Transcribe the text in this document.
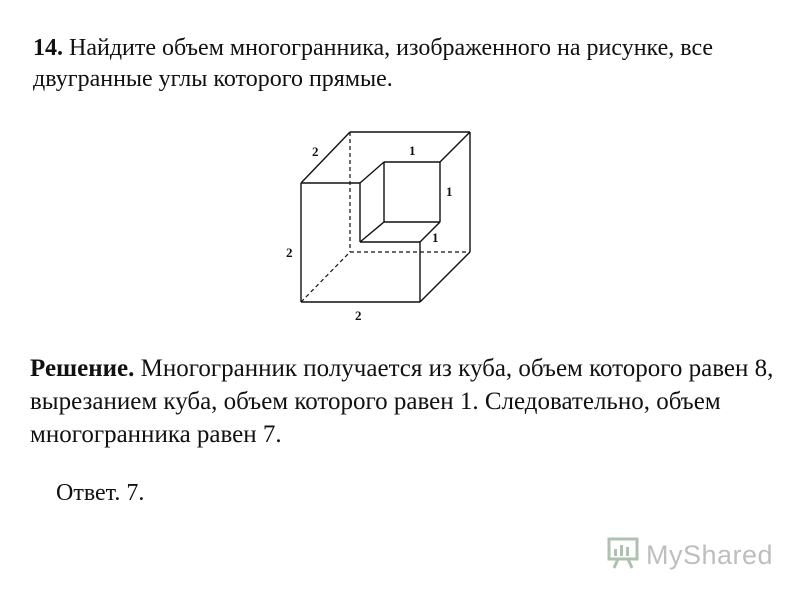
14. Найдите объем многогранника, изображенного на рисунке, все двугранные углы которого прямые.
2	1
1
1
2
2
Решение. Многогранник получается из куба, объем которого равен 8, вырезанием куба, объем которого равен 1. Следовательно, объем многогранника равен 7.
Ответ. 7.
MyShared
